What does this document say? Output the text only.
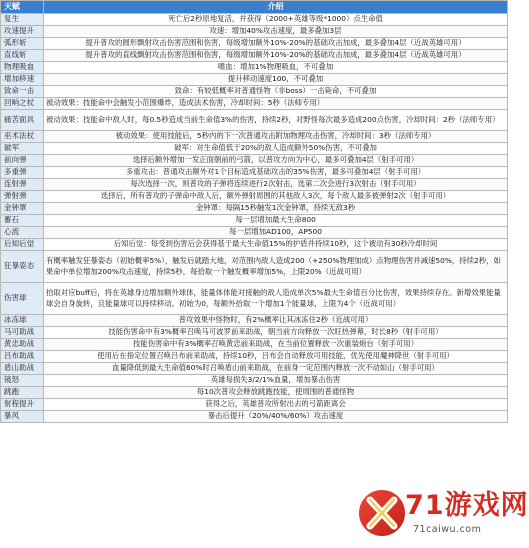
天赋	介绍
复生	死亡后2秒原地复活，并获得（2000+英雄等级*1000）点生命值
攻速提升	攻速：增加40%攻击速度，最多叠加3层
弧形斩	提升普攻的圆形飘射攻击伤害范围和伤害，每级增加额外10%-20%的基础攻击加成，最多叠加4层（近战英雄可用）
直线斩	提升普攻的直线飘射攻击伤害范围和伤害，每级增加额外10%-20%的基础攻击加成，最多叠加4层（近战英雄可用）
物理吸血	嗜血：增加1%物理吸血，不可叠加
增加移速	提升移动速度100，不可叠加
致命一击	致命：有较低概率对普通怪物（非boss）一击毙命，不可叠加
回响之杖	被动效果：技能命中会触发小范围爆炸，造成法术伤害，冷却时间：5秒（法师专用）
痛苦面具	被动效果：技能命中敌人时，每0.5秒造成当前生命值3%的伤害，持续2秒，对野怪每次最多造成200点伤害，冷却时间：2秒（法师专用）
巫术法杖	被动效果：使用技能后，5秒内的下一次普通攻击附加物理攻击伤害，冷却时间：3秒（法师专用）
破军	破军：对生命值低于20%的敌人造成额外50%伤害，不可叠加
前向弹	选择后额外增加一发正面朝前的弓箭，以普攻方向为中心，最多可叠加4层（射手可用）
多重弹	多重攻击：普通攻击额外对1个目标造成基础攻击的35%伤害，最多可叠加4层（射手可用）
连射弹	每次选择一次，则普攻的子弹将连续进行2次射击，选第二次会进行3次射击（射手可用）
弹射弹	选择后，所有普攻的子弹命中敌人后，额外弹射周围的其他敌人3次，每个敌人最多被弹射2次（射手可用）
金钟罩	金钟罩：每隔15秒触发1次金钟罩，持续无敌3秒
蓄石	每一层增加最大生命800
心流	每一层增加AD100，AP500
后知后觉	后知后觉：每受到伤害后会获得基于最大生命值15%的护盾并持续10秒，这个被动有30秒冷却时间
狂暴姿态	有概率触发狂暴姿态（初始概率5%），触发后就踏大地，对范围内敌人造成200（+250%物理加成）点物理伤害并减速50%，持续2秒，如果命中单位增加200%攻击速度，持续5秒，每拾取一个触发概率增加5%，上限20%（近战可用）
伤害球	拾取对应buff后，将在英雄身边增加额外球体，能量体体能对接触的敌人造成单次5%最大生命值百分比伤害，效果持续存在。新增效果能量球会自身旋转，且能量球可以持续移动。初始为0，每额外拾取一个增加1个能量球，上限为4个（近战可用）
冰冻球	普攻效果中怪物时，有2%概率让其冰冻住2秒（近战可用）
马可助战	技能伤害命中有3%概率召唤马可波罗前来助战，朝当前方向释放一次旺热弹幕，时长8秒（射手可用）
黄忠助战	技能伤害命中有3%概率召唤黄忠前来助战，在当前位置释放一次重装炮台（射手可用）
吕布助战	使用后在指定位置召唤吕布前来助战，持续10秒，吕布会自动释放可用技能，优先使用魔神降世（射手可用）
盾山助战	血量降低到最大生命值60%时召唤盾山前来助战，在前身一定范围内释放一次不动如山（射手可用）
镜怒	英雄每损失3/2/1%血量，增加暴击伤害
跳跑	每10次普攻会释放跳跑技能，使周围的普通怪物
射程提升	获得之后，英雄普攻所射出去的弓箭距离会
暴风	暴击后提升（20%/40%/60%）攻击速度
71游戏网
71caiwu.com
